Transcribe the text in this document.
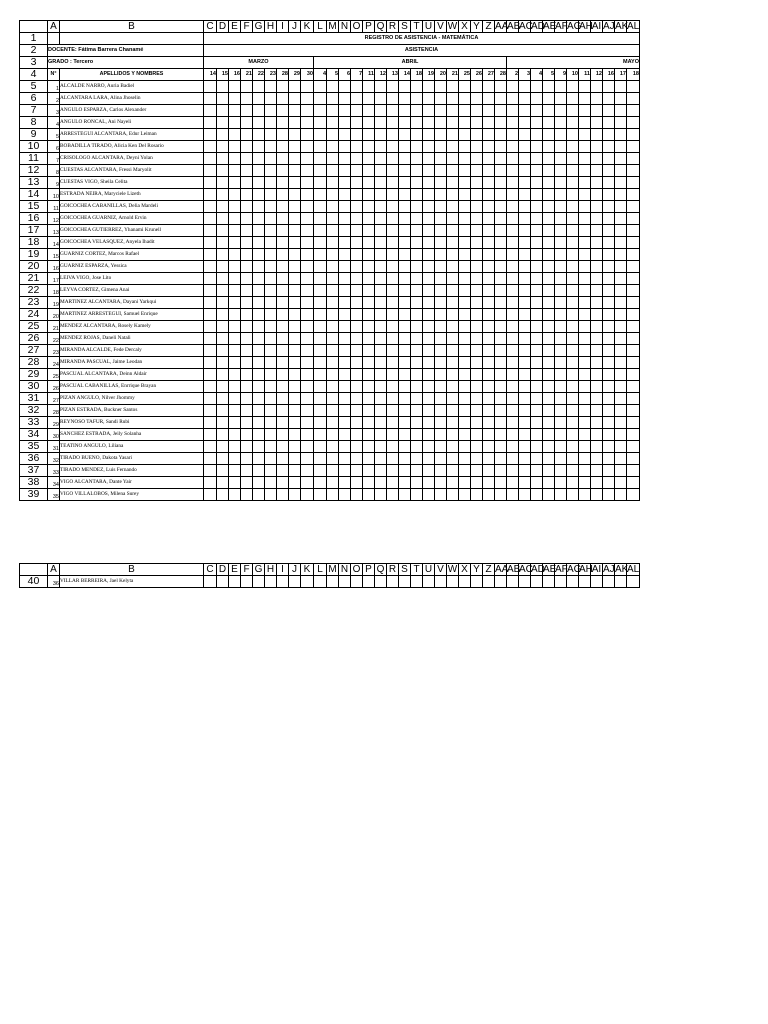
	A	B	C	D	E	F	G	H	I	J	K	L	M	N	O	P	Q	R	S	T	U	V	W	X	Y	Z	AA	AB	AC	AD	AE	AF	AG	AH	AI	AJ	AK	AL
1			REGISTRO DE ASISTENCIA - MATEMÁTICA																																			
2	DOCENTE: Fátima Barrera Chanamé		ASISTENCIA																																			
3	GRADO : Tercero		MARZO									ABRIL																MAYO										
4	N°	APELLIDOS Y NOMBRES	14	15	16	21	22	23	28	29	30	4	5	6	7	11	12	13	14	18	19	20	21	25	26	27	28	2	3	4	5	9	10	11	12	16	17	18
5	1	ALCALDE NARRO, Auria Badiel																																				
6	2	ALCANTARA LARA, Alina Jhoselin																																				
7	3	ANGULO ESPARZA, Carlos Alexander																																				
8	4	ANGULO RONCAL, Ani Nayeli																																				
9	5	ARRESTEGUI ALCANTARA, Edur Leiman																																				
10	6	BOBADILLA TIRADO, Alicia Ken Del Rosario																																				
11	7	CRISOLOGO ALCANTARA, Deyni Yolan																																				
12	8	CUESTAS ALCANTARA, Fressi Maryolit																																				
13	9	CUESTAS VIGO, Sheila Celita																																				
14	10	ESTRADA NEIRA, Maryciele Lizeth																																				
15	11	GOICOCHEA CABANILLAS, Delia Mardeli																																				
16	12	GOICOCHEA GUARNIZ, Arnold Ervin																																				
17	13	GOICOCHEA GUTIERREZ, Yhanami Krunell																																				
18	14	GOICOCHEA VELASQUEZ, Anyela Ihadit																																				
19	15	GUARNIZ CORTEZ, Marcos Rafael																																				
20	16	GUARNIZ ESPARZA, Yessica																																				
21	17	LEIVA VIGO, Jose Lito																																				
22	18	LEYVA CORTEZ, Gimena Anai																																				
23	19	MARTINEZ ALCANTARA, Dayani Yarkqui																																				
24	20	MARTINEZ ARRESTEGUI, Samuel Enrique																																				
25	21	MENDEZ ALCANTARA, Rosely Kamely																																				
26	22	MENDEZ ROJAS, Daneli Natali																																				
27	23	MIRANDA ALCALDE, Fede Dercaly																																				
28	24	MIRANDA PASCUAL, Jaime Leodan																																				
29	25	PASCUAL ALCANTARA, Deinn Aldair																																				
30	26	PASCUAL CABANILLAS, Enrrique Brayan																																				
31	27	PIZAN ANGULO, Nilver Jhommy																																				
32	28	PIZAN ESTRADA, Buckner Santos																																				
33	29	REYNOSO TAFUR, Sandi Rubi																																				
34	30	SANCHEZ ESTRADA, Jeily Solanha																																				
35	31	TEATINO ANGULO, Liliana																																				
36	32	TIRADO BUENO, Dakota Yasari																																				
37	33	TIRADO MENDEZ, Luis Fernando																																				
38	34	VIGO ALCANTARA, Dante Yair																																				
39	35	VIGO VILLALOBOS, Milena Surey																																				
	A	B	C	D	E	F	G	H	I	J	K	L	M	N	O	P	Q	R	S	T	U	V	W	X	Y	Z	AA	AB	AC	AD	AE	AF	AG	AH	AI	AJ	AK	AL
40	36	VILLAR BERREIRA, Jael Kelyta																																				
